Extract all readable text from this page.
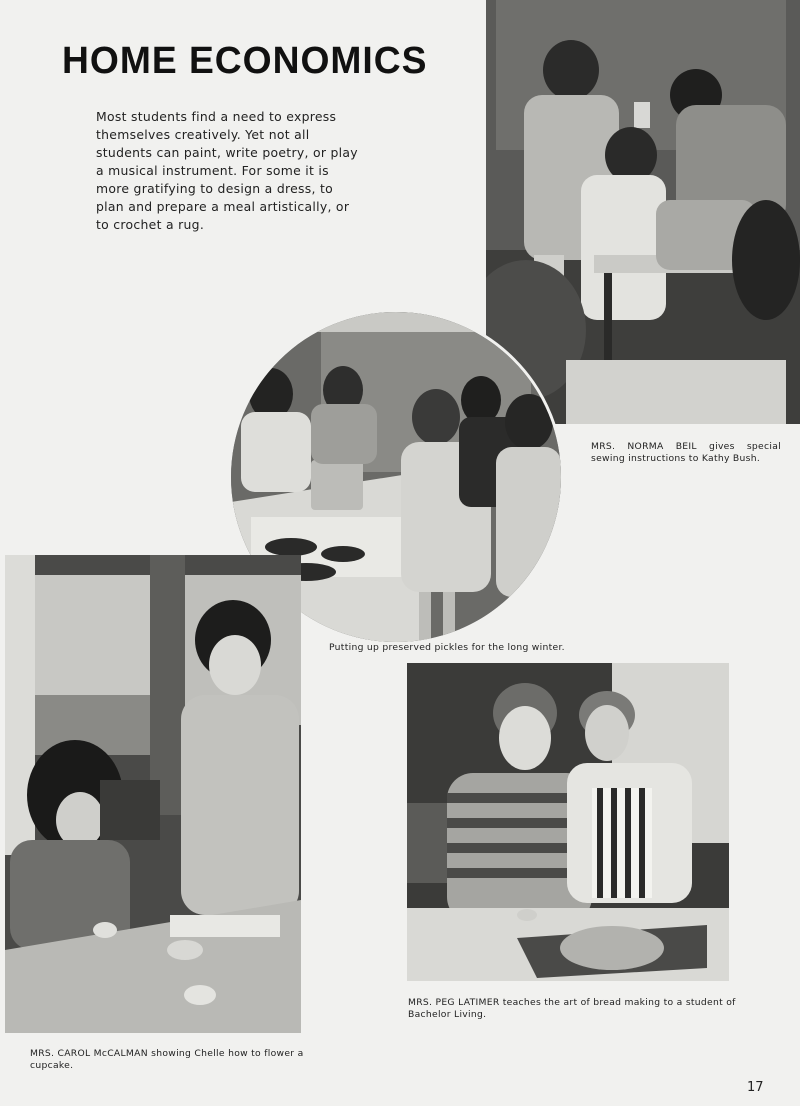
HOME ECONOMICS

Most students find a need to express themselves creatively. Yet not all students can paint, write poetry, or play a musical instrument. For some it is more gratifying to design a dress, to plan and prepare a meal artistically, or to crochet a rug.

MRS. NORMA BEIL gives special sewing instructions to Kathy Bush.

Putting up preserved pickles for the long winter.

MRS. PEG LATIMER teaches the art of bread making to a student of Bachelor Living.

MRS. CAROL McCALMAN showing Chelle how to flower a cupcake.

17
